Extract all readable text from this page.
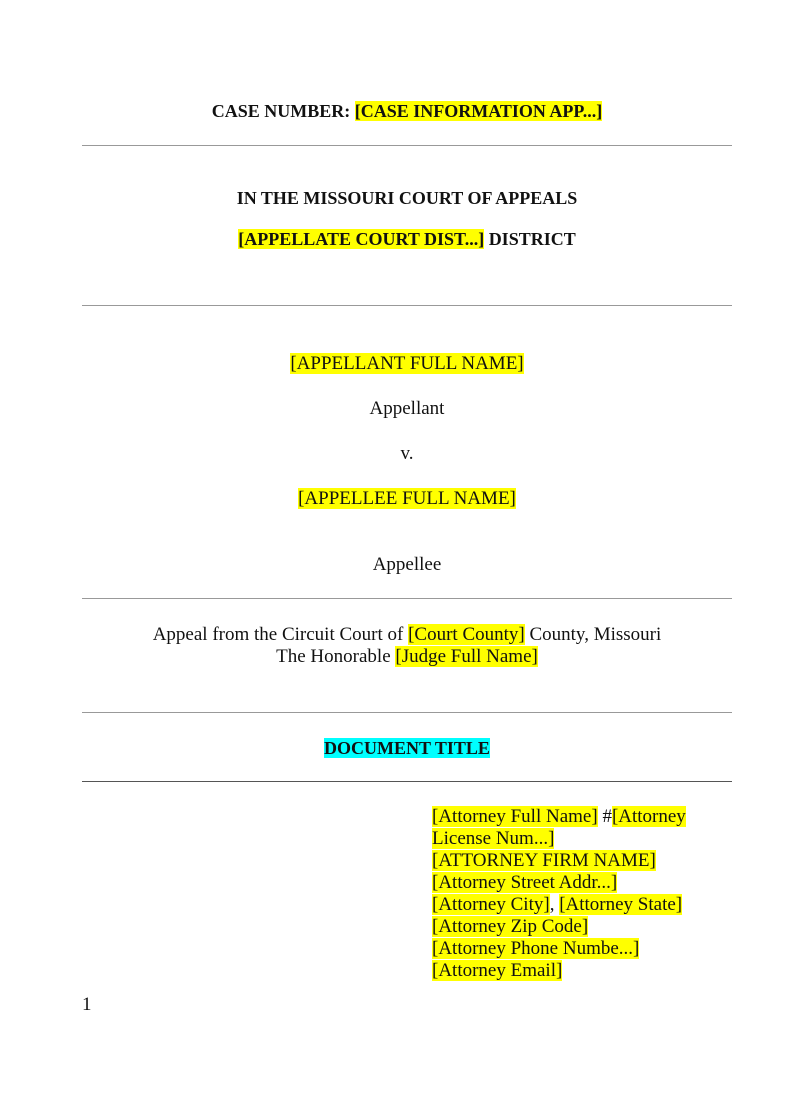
CASE NUMBER: [CASE INFORMATION APP...]
IN THE MISSOURI COURT OF APPEALS
[APPELLATE COURT DIST...] DISTRICT
[APPELLANT FULL NAME]
Appellant
v.
[APPELLEE FULL NAME]
Appellee
Appeal from the Circuit Court of [Court County] County, Missouri
The Honorable [Judge Full Name]
DOCUMENT TITLE
[Attorney Full Name] #[Attorney
License Num...]
[ATTORNEY FIRM NAME]
[Attorney Street Addr...]
[Attorney City], [Attorney State]
[Attorney Zip Code]
[Attorney Phone Numbe...]
[Attorney Email]
1
